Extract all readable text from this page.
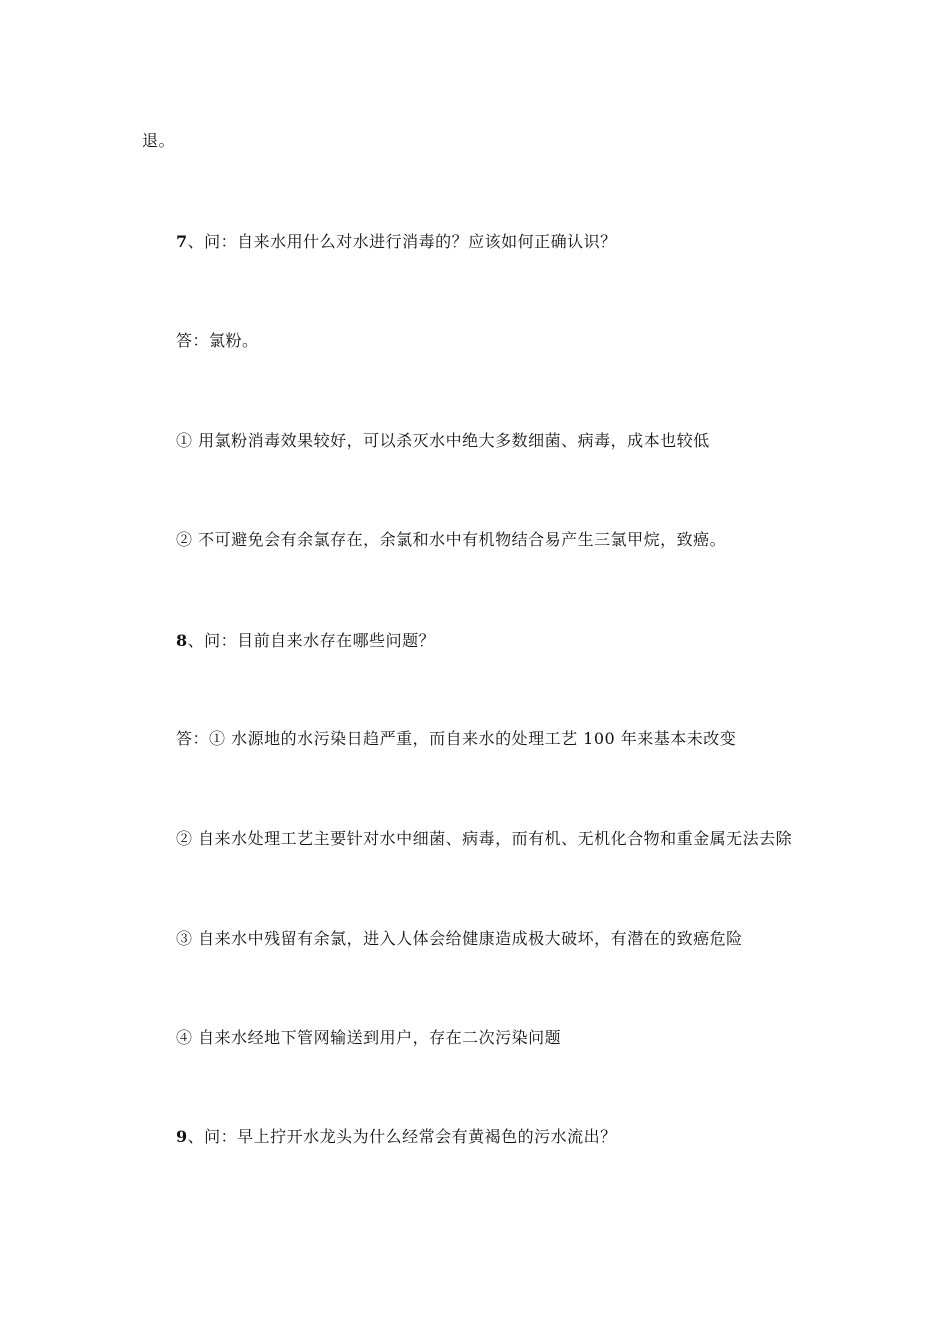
退。
7、问：自来水用什么对水进行消毒的？应该如何正确认识？
答：氯粉。
① 用氯粉消毒效果较好，可以杀灭水中绝大多数细菌、病毒，成本也较低
② 不可避免会有余氯存在，余氯和水中有机物结合易产生三氯甲烷，致癌。
8、问：目前自来水存在哪些问题？
答：① 水源地的水污染日趋严重，而自来水的处理工艺 100 年来基本未改变
② 自来水处理工艺主要针对水中细菌、病毒，而有机、无机化合物和重金属无法去除
③ 自来水中残留有余氯，进入人体会给健康造成极大破坏，有潜在的致癌危险
④ 自来水经地下管网输送到用户，存在二次污染问题
9、问：早上拧开水龙头为什么经常会有黄褐色的污水流出？
